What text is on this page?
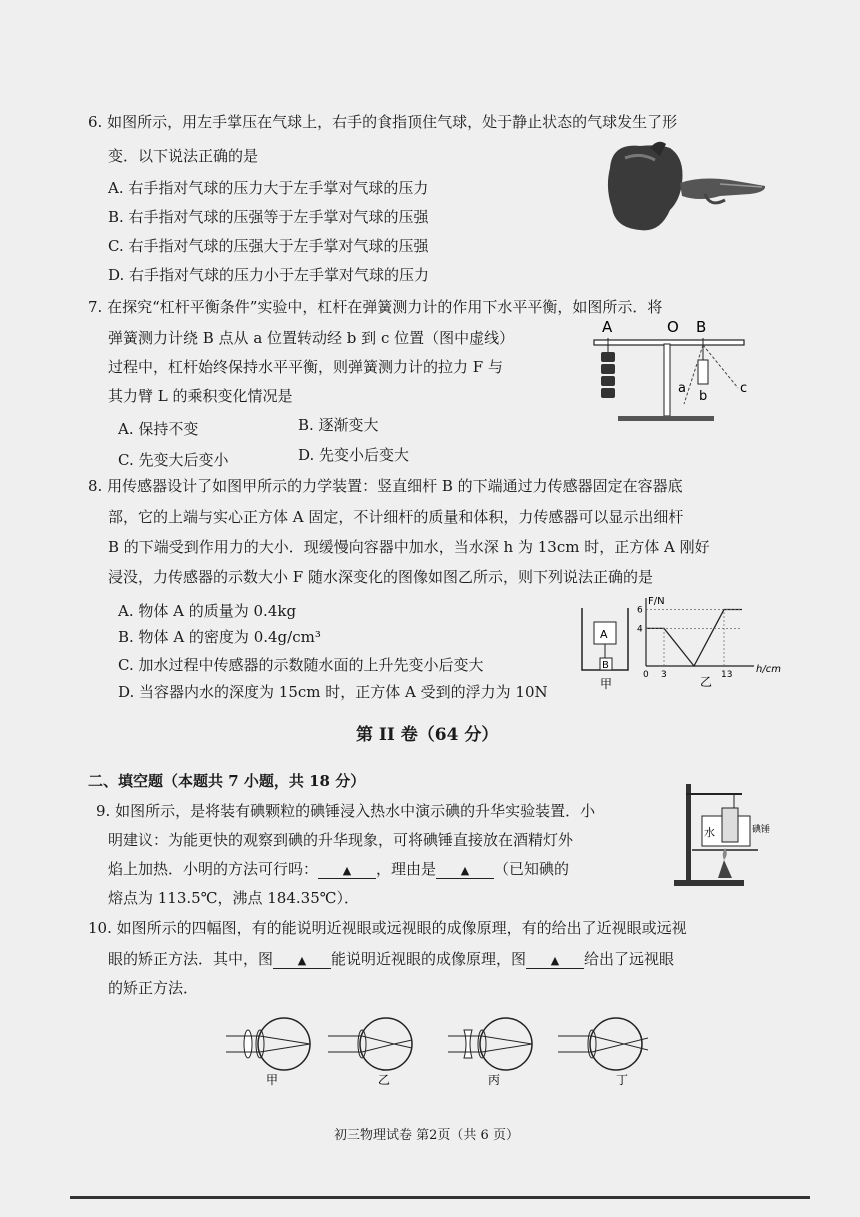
6. 如图所示，用左手掌压在气球上，右手的食指顶住气球，处于静止状态的气球发生了形
变．以下说法正确的是
A. 右手指对气球的压力大于左手掌对气球的压力
B. 右手指对气球的压强等于左手掌对气球的压强
C. 右手指对气球的压强大于左手掌对气球的压强
D. 右手指对气球的压力小于左手掌对气球的压力
7. 在探究“杠杆平衡条件”实验中，杠杆在弹簧测力计的作用下水平平衡，如图所示．将
弹簧测力计绕 B 点从 a 位置转动经 b 到 c 位置（图中虚线）
过程中，杠杆始终保持水平平衡，则弹簧测力计的拉力 F 与
其力臂 L 的乘积变化情况是
A. 保持不变	B. 逐渐变大
C. 先变大后变小	D. 先变小后变大
A	O B
a
b
c
8. 用传感器设计了如图甲所示的力学装置：竖直细杆 B 的下端通过力传感器固定在容器底
部，它的上端与实心正方体 A 固定，不计细杆的质量和体积，力传感器可以显示出细杆
B 的下端受到作用力的大小．现缓慢向容器中加水，当水深 h 为 13cm 时，正方体 A 刚好
浸没，力传感器的示数大小 F 随水深变化的图像如图乙所示，则下列说法正确的是
A. 物体 A 的质量为 0.4kg
B. 物体 A 的密度为 0.4g/cm³
C. 加水过程中传感器的示数随水面的上升先变小后变大
D. 当容器内水的深度为 15cm 时，正方体 A 受到的浮力为 10N
A
B
甲
F/N
h/cm
6
4
0 3	13
乙
第 II 卷（64 分）
二、填空题（本题共 7 小题，共 18 分）
9. 如图所示，是将装有碘颗粒的碘锤浸入热水中演示碘的升华实验装置．小
明建议：为能更快的观察到碘的升华现象，可将碘锤直接放在酒精灯外
焰上加热．小明的方法可行吗： ▲ ，理由是 ▲ （已知碘的
熔点为 113.5℃，沸点 184.35℃）．
水	碘锤
10. 如图所示的四幅图，有的能说明近视眼或远视眼的成像原理，有的给出了近视眼或远视
眼的矫正方法．其中，图 ▲ 能说明近视眼的成像原理，图 ▲ 给出了远视眼
的矫正方法．
甲	乙	丙	丁
初三物理试卷 第2页（共 6 页）
